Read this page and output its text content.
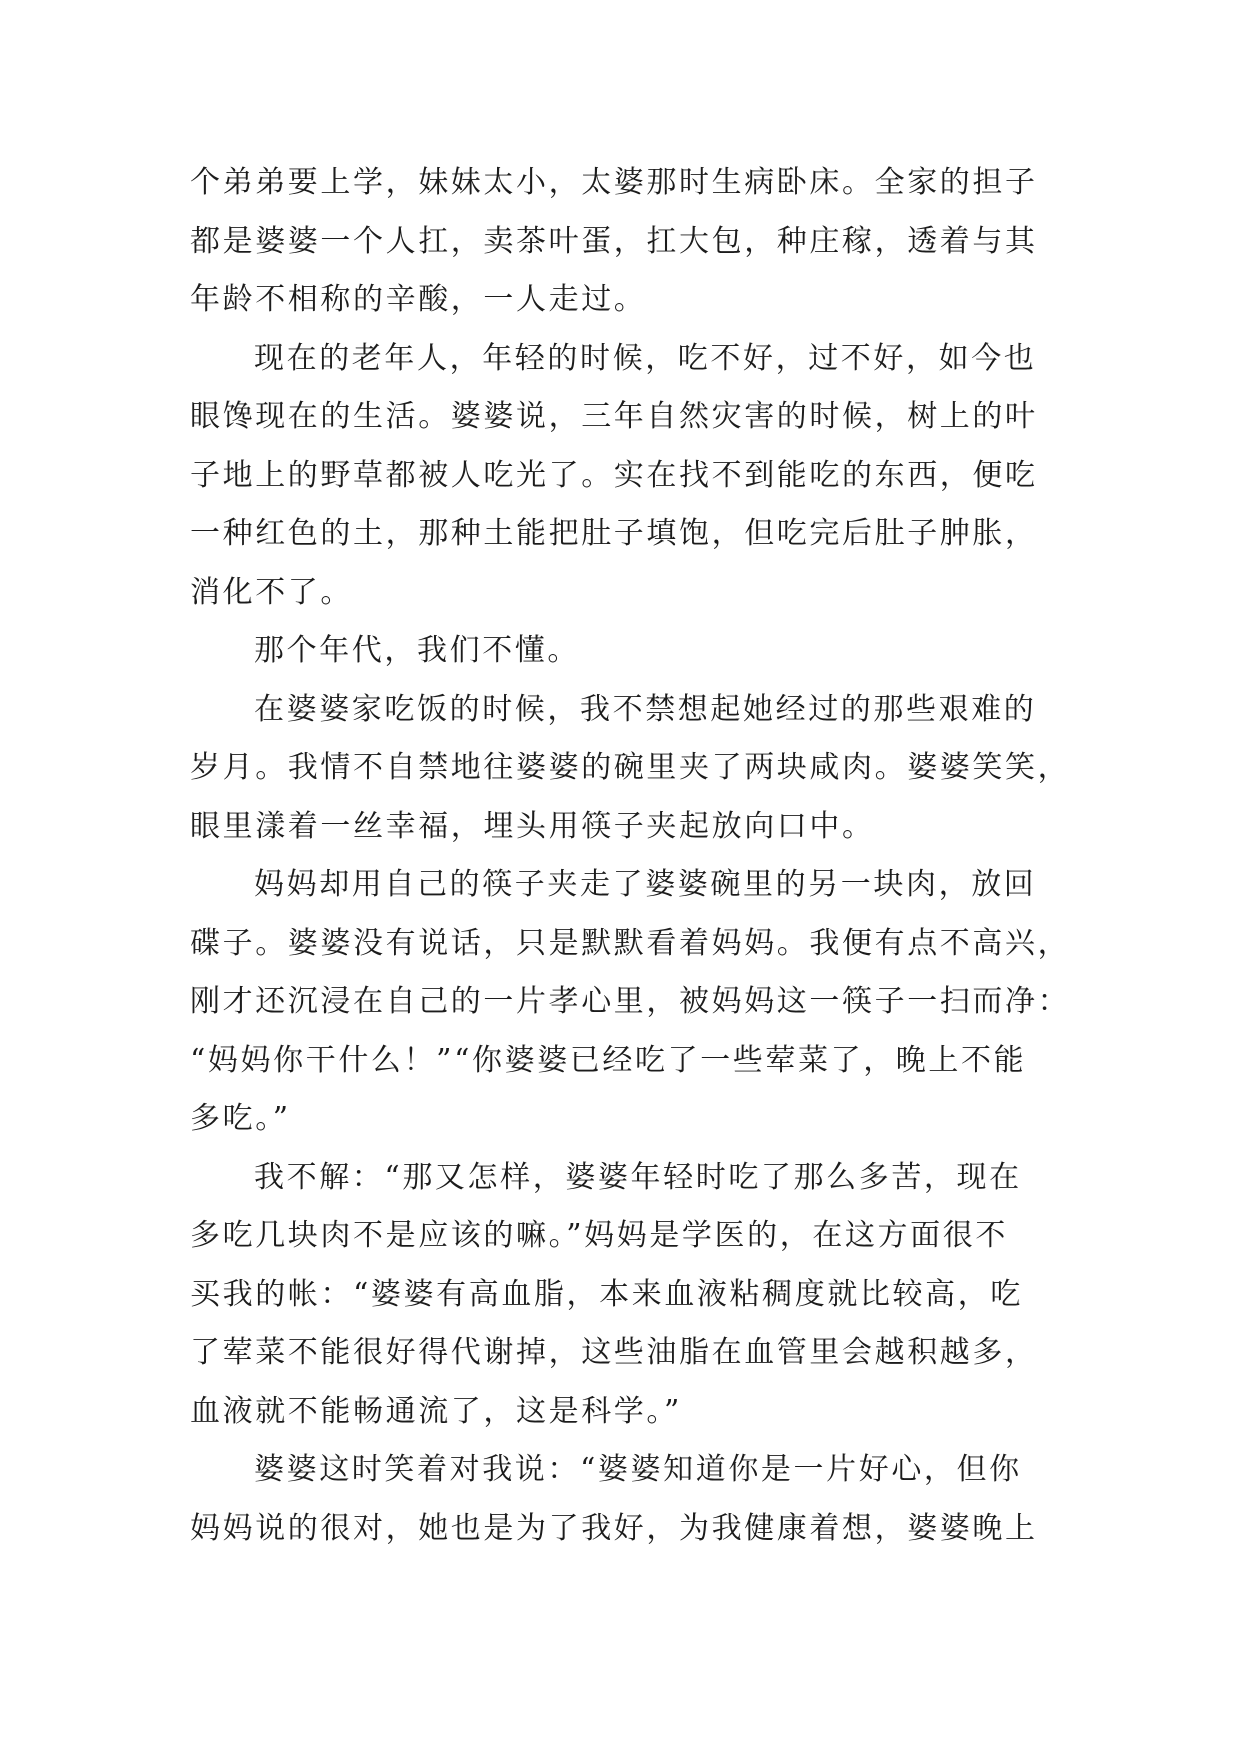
个弟弟要上学，妹妹太小，太婆那时生病卧床。全家的担子
都是婆婆一个人扛，卖茶叶蛋，扛大包，种庄稼，透着与其
年龄不相称的辛酸，一人走过。
现在的老年人，年轻的时候，吃不好，过不好，如今也
眼馋现在的生活。婆婆说，三年自然灾害的时候，树上的叶
子地上的野草都被人吃光了。实在找不到能吃的东西，便吃
一种红色的土，那种土能把肚子填饱，但吃完后肚子肿胀，
消化不了。
那个年代，我们不懂。
在婆婆家吃饭的时候，我不禁想起她经过的那些艰难的
岁月。我情不自禁地往婆婆的碗里夹了两块咸肉。婆婆笑笑，
眼里漾着一丝幸福，埋头用筷子夹起放向口中。
妈妈却用自己的筷子夹走了婆婆碗里的另一块肉，放回
碟子。婆婆没有说话，只是默默看着妈妈。我便有点不高兴，
刚才还沉浸在自己的一片孝心里，被妈妈这一筷子一扫而净：
“妈妈你干什么！”“你婆婆已经吃了一些荤菜了，晚上不能
多吃。”
我不解：“那又怎样，婆婆年轻时吃了那么多苦，现在
多吃几块肉不是应该的嘛。”妈妈是学医的，在这方面很不
买我的帐：“婆婆有高血脂，本来血液粘稠度就比较高，吃
了荤菜不能很好得代谢掉，这些油脂在血管里会越积越多，
血液就不能畅通流了，这是科学。”
婆婆这时笑着对我说：“婆婆知道你是一片好心，但你
妈妈说的很对，她也是为了我好，为我健康着想，婆婆晚上
